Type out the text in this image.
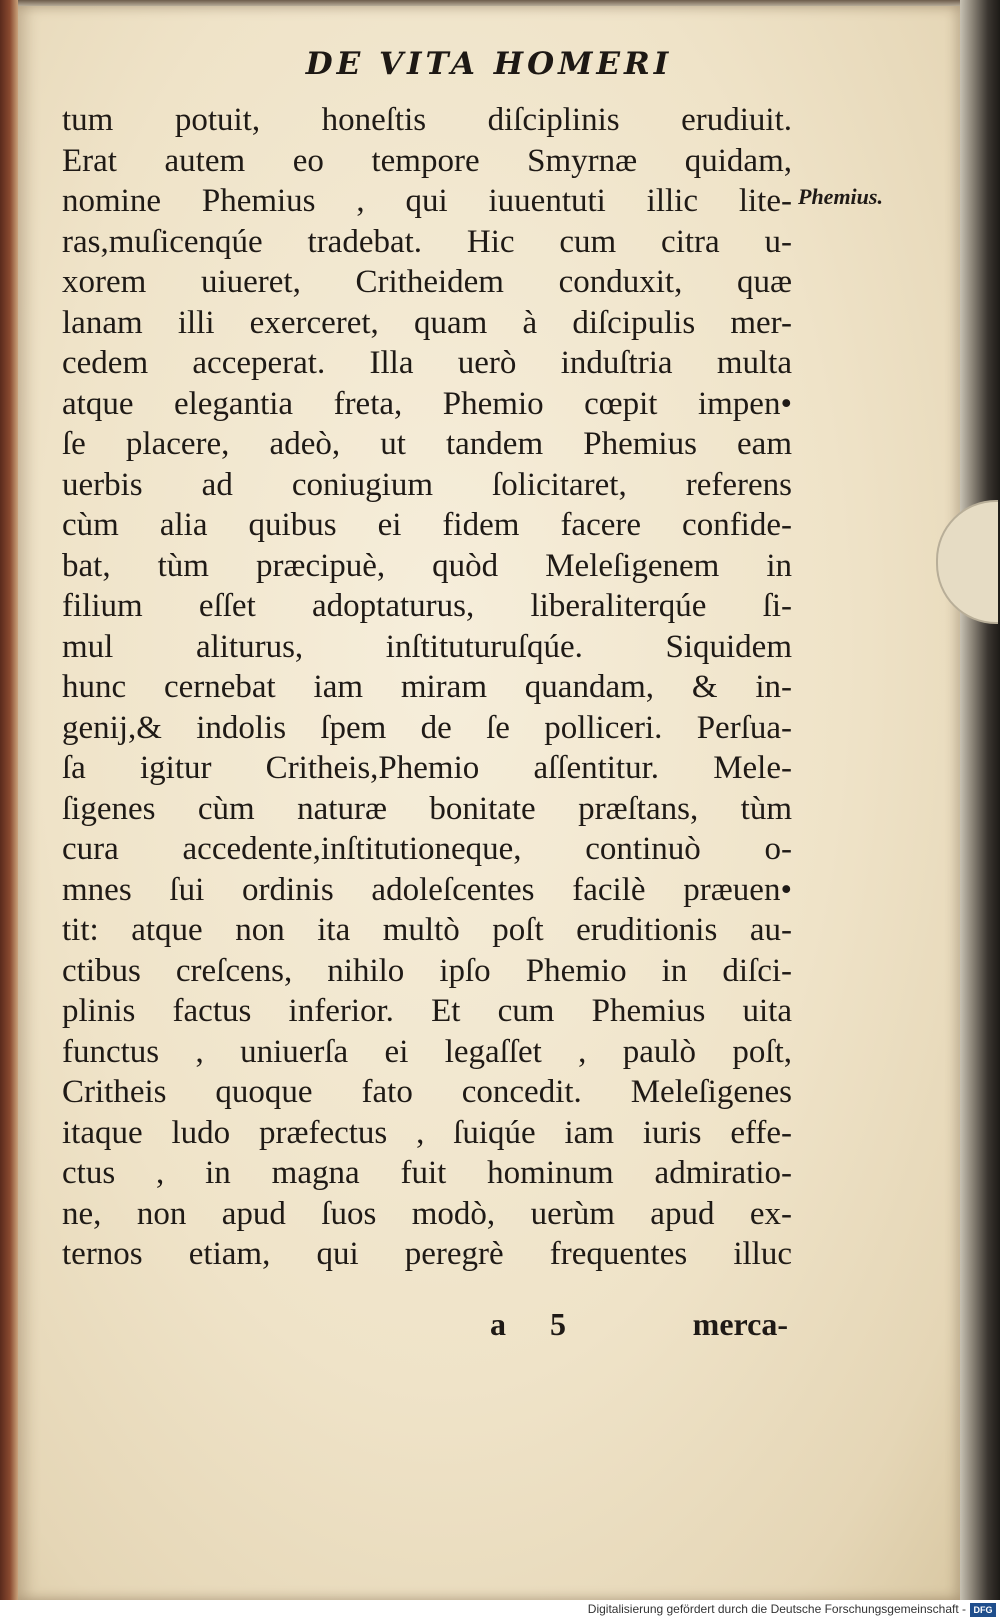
DE VITA HOMERI
tum potuit, honeſtis diſciplinis erudiuit.
Erat autem eo tempore Smyrnæ quidam,
nomine Phemius , qui iuuentuti illic lite-
ras,muſicenqúe tradebat. Hic cum citra u-
xorem uiueret, Critheidem conduxit, quæ
lanam illi exerceret, quam à diſcipulis mer-
cedem acceperat. Illa uerò induſtria multa
atque elegantia freta, Phemio cœpit impen•
ſe placere, adeò, ut tandem Phemius eam
uerbis ad coniugium ſolicitaret, referens
cùm alia quibus ei fidem facere confide-
bat, tùm præcipuè, quòd Meleſigenem in
filium eſſet adoptaturus, liberaliterqúe ſi-
mul aliturus, inſtituturuſqúe. Siquidem
hunc cernebat iam miram quandam, & in-
genij,& indolis ſpem de ſe polliceri. Perſua-
ſa igitur Critheis,Phemio aſſentitur. Mele-
ſigenes cùm naturæ bonitate præſtans, tùm
cura accedente,inſtitutioneque, continuò o-
mnes ſui ordinis adoleſcentes facilè præuen•
tit: atque non ita multò poſt eruditionis au-
ctibus creſcens, nihilo ipſo Phemio in diſci-
plinis factus inferior. Et cum Phemius uita
functus , uniuerſa ei legaſſet , paulò poſt,
Critheis quoque fato concedit. Meleſigenes
itaque ludo præfectus , ſuiqúe iam iuris effe-
ctus , in magna fuit hominum admiratio-
ne, non apud ſuos modò, uerùm apud ex-
ternos etiam, qui peregrè frequentes illuc
Phemius.
a 5	merca-
Digitalisierung gefördert durch die Deutsche Forschungsgemeinschaft - DFG
